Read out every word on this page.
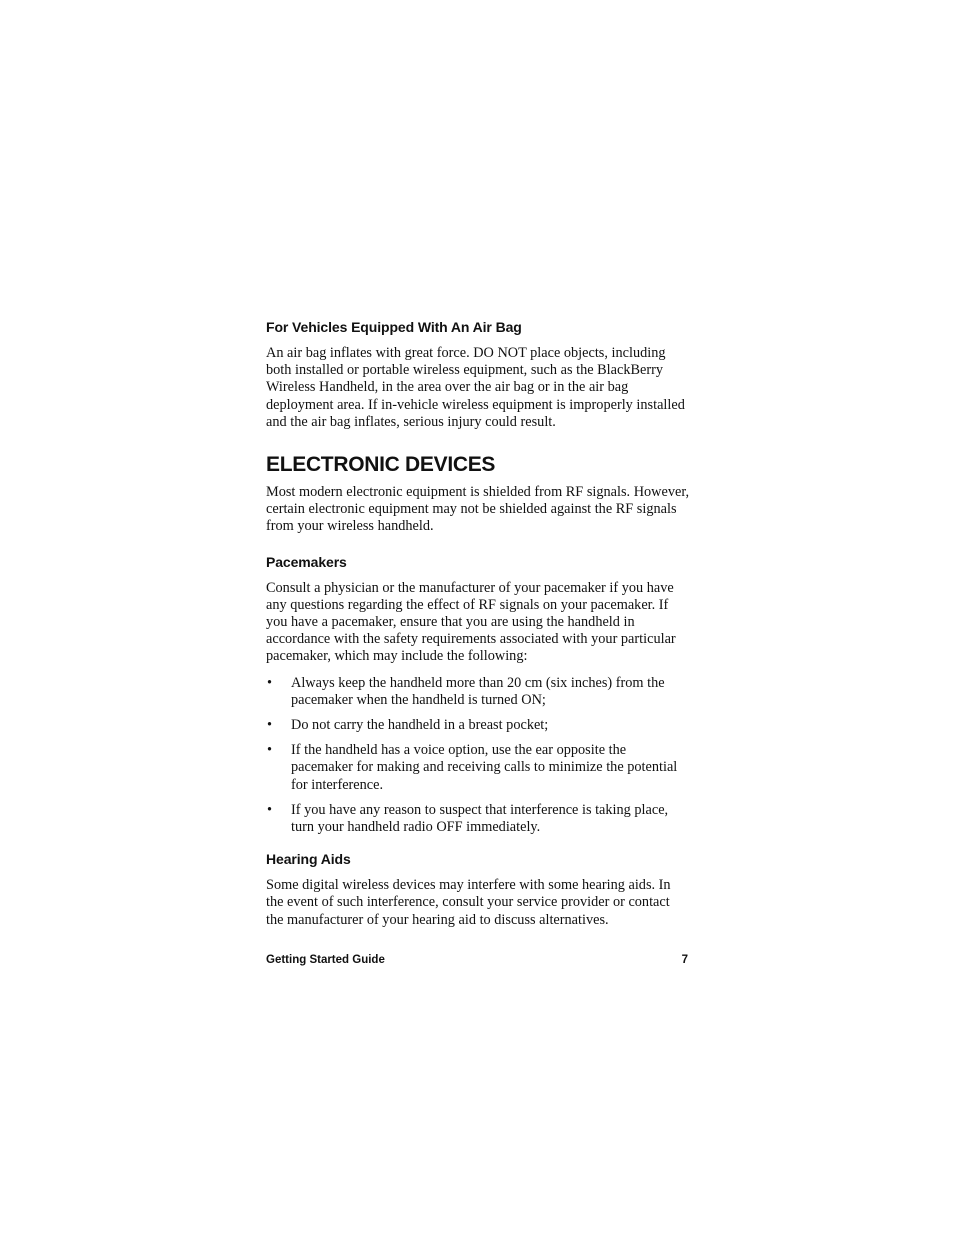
For Vehicles Equipped With An Air Bag

An air bag inflates with great force. DO NOT place objects, including both installed or portable wireless equipment, such as the BlackBerry Wireless Handheld, in the area over the air bag or in the air bag deployment area. If in-vehicle wireless equipment is improperly installed and the air bag inflates, serious injury could result.

ELECTRONIC DEVICES

Most modern electronic equipment is shielded from RF signals. However, certain electronic equipment may not be shielded against the RF signals from your wireless handheld.

Pacemakers

Consult a physician or the manufacturer of your pacemaker if you have any questions regarding the effect of RF signals on your pacemaker. If you have a pacemaker, ensure that you are using the handheld in accordance with the safety requirements associated with your particular pacemaker, which may include the following:

• Always keep the handheld more than 20 cm (six inches) from the pacemaker when the handheld is turned ON;
• Do not carry the handheld in a breast pocket;
• If the handheld has a voice option, use the ear opposite the pacemaker for making and receiving calls to minimize the potential for interference.
• If you have any reason to suspect that interference is taking place, turn your handheld radio OFF immediately.
Hearing Aids

Some digital wireless devices may interfere with some hearing aids. In the event of such interference, consult your service provider or contact the manufacturer of your hearing aid to discuss alternatives.

Getting Started Guide	7
